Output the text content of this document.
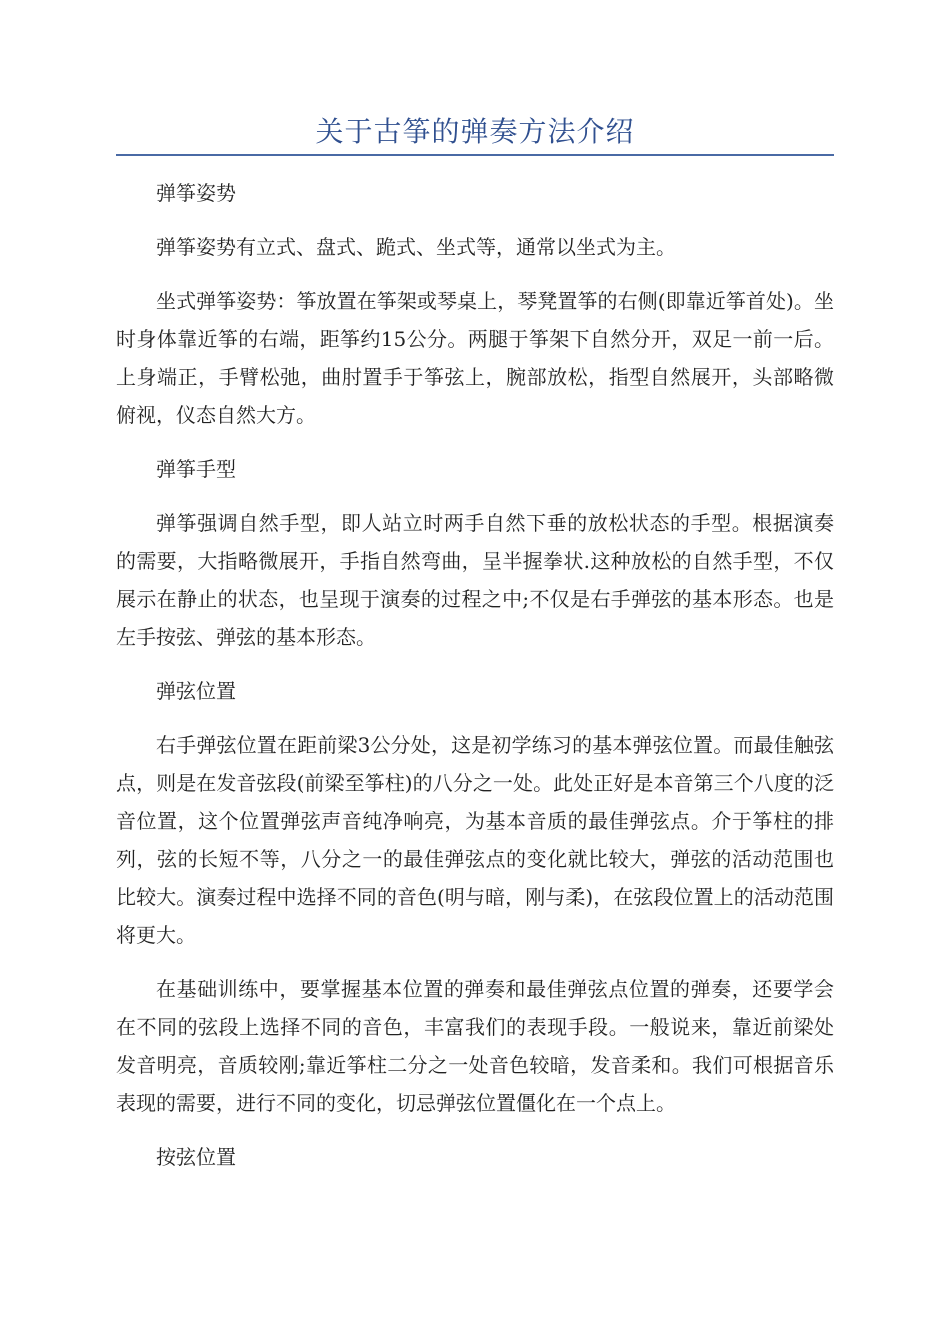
关于古筝的弹奏方法介绍

弹筝姿势

弹筝姿势有立式、盘式、跪式、坐式等，通常以坐式为主。

坐式弹筝姿势：筝放置在筝架或琴桌上，琴凳置筝的右侧(即靠近筝首处)。坐时身体靠近筝的右端，距筝约15公分。两腿于筝架下自然分开，双足一前一后。上身端正，手臂松弛，曲肘置手于筝弦上，腕部放松，指型自然展开，头部略微俯视，仪态自然大方。

弹筝手型

弹筝强调自然手型，即人站立时两手自然下垂的放松状态的手型。根据演奏的需要，大指略微展开，手指自然弯曲，呈半握拳状.这种放松的自然手型，不仅展示在静止的状态，也呈现于演奏的过程之中;不仅是右手弹弦的基本形态。也是左手按弦、弹弦的基本形态。

弹弦位置

右手弹弦位置在距前梁3公分处，这是初学练习的基本弹弦位置。而最佳触弦点，则是在发音弦段(前梁至筝柱)的八分之一处。此处正好是本音第三个八度的泛音位置，这个位置弹弦声音纯净响亮，为基本音质的最佳弹弦点。介于筝柱的排列，弦的长短不等，八分之一的最佳弹弦点的变化就比较大，弹弦的活动范围也比较大。演奏过程中选择不同的音色(明与暗，刚与柔)，在弦段位置上的活动范围将更大。

在基础训练中，要掌握基本位置的弹奏和最佳弹弦点位置的弹奏，还要学会在不同的弦段上选择不同的音色，丰富我们的表现手段。一般说来，靠近前梁处发音明亮，音质较刚;靠近筝柱二分之一处音色较暗，发音柔和。我们可根据音乐表现的需要，进行不同的变化，切忌弹弦位置僵化在一个点上。

按弦位置
